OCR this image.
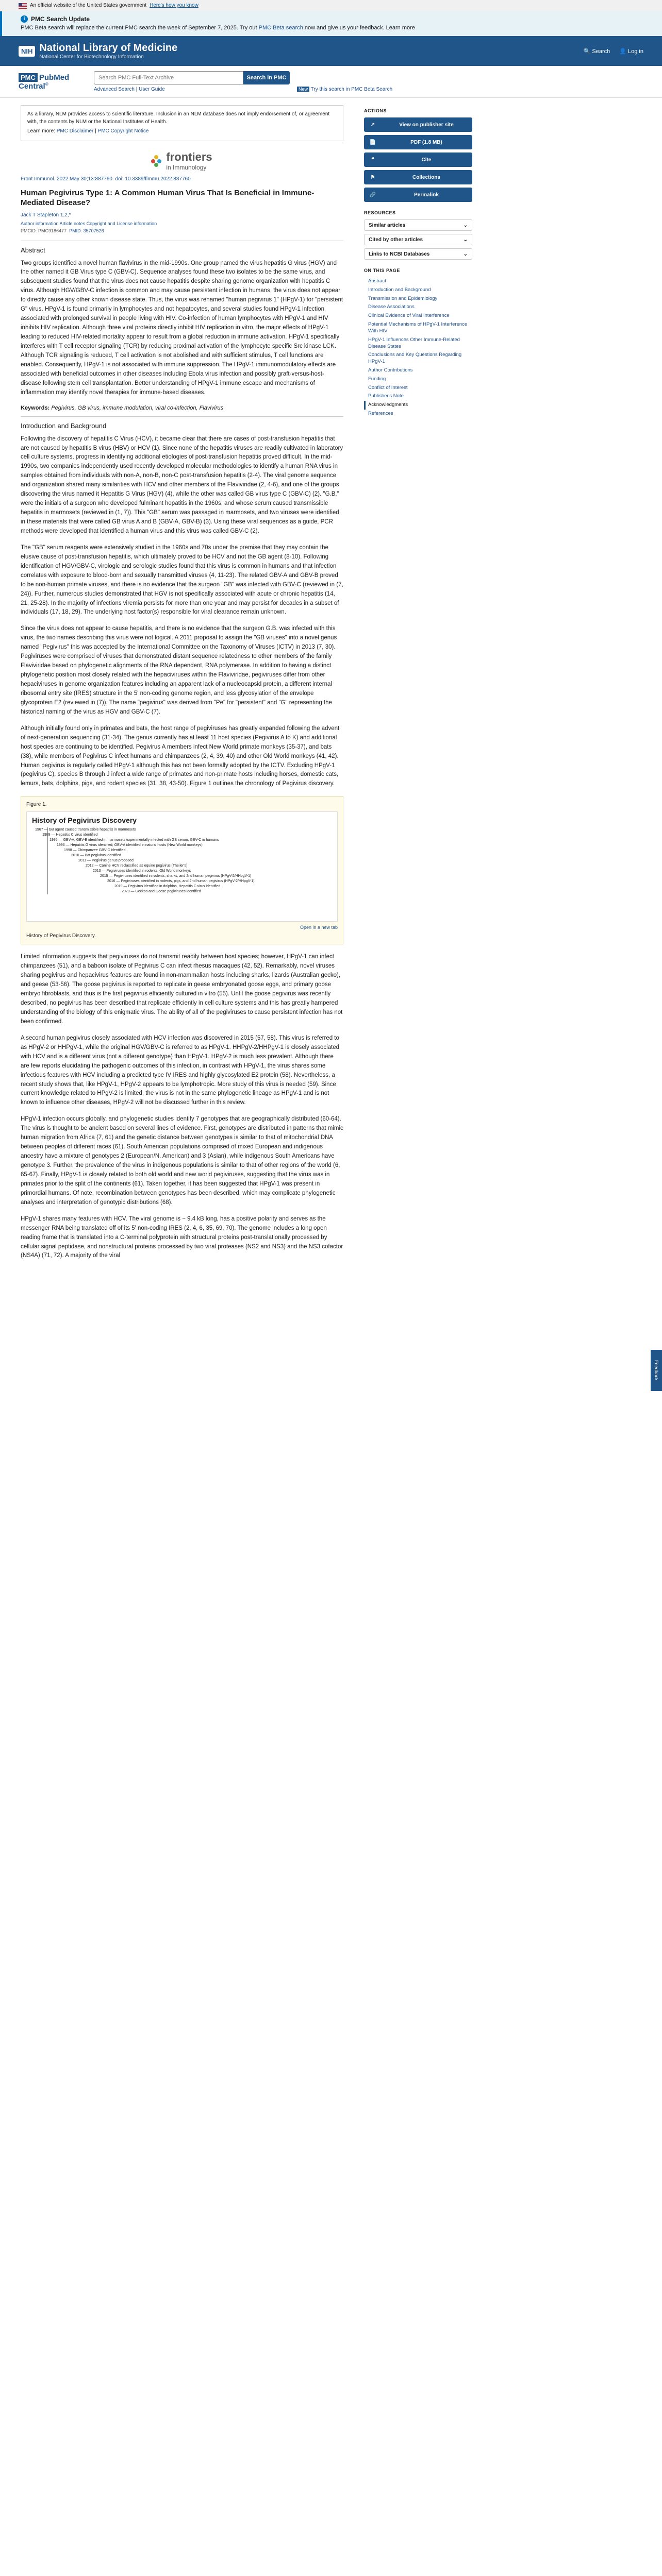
An official website of the United States government Here's how you know
i PMC Search Update
PMC Beta search will replace the current PMC search the week of September 7, 2025. Try out PMC Beta search now and give us your feedback. Learn more
NIH National Library of Medicine
National Center for Biotechnology Information
🔍 Search 👤 Log in
PMC PubMed Central®
Search PMC Full-Text Archive	Search in PMC
Advanced Search | User Guide	New Try this search in PMC Beta Search
As a library, NLM provides access to scientific literature. Inclusion in an NLM database does not imply endorsement of, or agreement with, the contents by NLM or the National Institutes of Health.
Learn more: PMC Disclaimer | PMC Copyright Notice
frontiers
in Immunology
Front Immunol. 2022 May 30;13:887760. doi: 10.3389/fimmu.2022.887760
Human Pegivirus Type 1: A Common Human Virus That Is Beneficial in Immune-Mediated Disease?
Jack T Stapleton 1,2,*
Author information Article notes Copyright and License information
PMCID: PMC9186477 PMID: 35707526
Abstract

Two groups identified a novel human flavivirus in the mid-1990s. One group named the virus hepatitis G virus (HGV) and the other named it GB Virus type C (GBV-C). Sequence analyses found these two isolates to be the same virus, and subsequent studies found that the virus does not cause hepatitis despite sharing genome organization with hepatitis C virus. Although HGV/GBV-C infection is common and may cause persistent infection in humans, the virus does not appear to directly cause any other known disease state. Thus, the virus was renamed "human pegivirus 1" (HPgV-1) for "persistent G" virus. HPgV-1 is found primarily in lymphocytes and not hepatocytes, and several studies found HPgV-1 infection associated with prolonged survival in people living with HIV. Co-infection of human lymphocytes with HPgV-1 and HIV inhibits HIV replication. Although three viral proteins directly inhibit HIV replication in vitro, the major effects of HPgV-1 leading to reduced HIV-related mortality appear to result from a global reduction in immune activation. HPgV-1 specifically interferes with T cell receptor signaling (TCR) by reducing proximal activation of the lymphocyte specific Src kinase LCK. Although TCR signaling is reduced, T cell activation is not abolished and with sufficient stimulus, T cell functions are enabled. Consequently, HPgV-1 is not associated with immune suppression. The HPgV-1 immunomodulatory effects are associated with beneficial outcomes in other diseases including Ebola virus infection and possibly graft-versus-host-disease following stem cell transplantation. Better understanding of HPgV-1 immune escape and mechanisms of inflammation may identify novel therapies for immune-based diseases.

Keywords: Pegivirus, GB virus, immune modulation, viral co-infection, Flavivirus
Introduction and Background

Following the discovery of hepatitis C Virus (HCV), it became clear that there are cases of post-transfusion hepatitis that are not caused by hepatitis B virus (HBV) or HCV (1). Since none of the hepatitis viruses are readily cultivated in laboratory cell culture systems, progress in identifying additional etiologies of post-transfusion hepatitis proved difficult. In the mid-1990s, two companies independently used recently developed molecular methodologies to identify a human RNA virus in samples obtained from individuals with non-A, non-B, non-C post-transfusion hepatitis (2-4). The viral genome sequence and organization shared many similarities with HCV and other members of the Flaviviridae (2, 4-6), and one of the groups discovering the virus named it Hepatitis G Virus (HGV) (4), while the other was called GB virus type C (GBV-C) (2). "G.B." were the initials of a surgeon who developed fulminant hepatitis in the 1960s, and whose serum caused transmissible hepatitis in marmosets (reviewed in (1, 7)). This "GB" serum was passaged in marmosets, and two viruses were identified in these materials that were called GB virus A and B (GBV-A, GBV-B) (3). Using these viral sequences as a guide, PCR methods were developed that identified a human virus and this virus was called GBV-C (2).

The "GB" serum reagents were extensively studied in the 1960s and 70s under the premise that they may contain the elusive cause of post-transfusion hepatitis, which ultimately proved to be HCV and not the GB agent (8-10). Following identification of HGV/GBV-C, virologic and serologic studies found that this virus is common in humans and that infection correlates with exposure to blood-born and sexually transmitted viruses (4, 11-23). The related GBV-A and GBV-B proved to be non-human primate viruses, and there is no evidence that the surgeon "GB" was infected with GBV-C (reviewed in (7, 24)). Further, numerous studies demonstrated that HGV is not specifically associated with acute or chronic hepatitis (14, 21, 25-28). In the majority of infections viremia persists for more than one year and may persist for decades in a subset of individuals (17, 18, 29). The underlying host factor(s) responsible for viral clearance remain unknown.

Since the virus does not appear to cause hepatitis, and there is no evidence that the surgeon G.B. was infected with this virus, the two names describing this virus were not logical. A 2011 proposal to assign the "GB viruses" into a novel genus named "Pegivirus" this was accepted by the International Committee on the Taxonomy of Viruses (ICTV) in 2013 (7, 30). Pegiviruses were comprised of viruses that demonstrated distant sequence relatedness to other members of the family Flaviviridae based on phylogenetic alignments of the RNA dependent, RNA polymerase. In addition to having a distinct phylogenetic position most closely related with the hepaciviruses within the Flaviviridae, pegiviruses differ from other hepaciviruses in genome organization features including an apparent lack of a nucleocapsid protein, a different internal ribosomal entry site (IRES) structure in the 5' non-coding genome region, and less glycosylation of the envelope glycoprotein E2 (reviewed in (7)). The name "pegivirus" was derived from "Pe" for "persistent" and "G" representing the historical naming of the virus as HGV and GBV-C (7).

Although initially found only in primates and bats, the host range of pegiviruses has greatly expanded following the advent of next-generation sequencing (31-34). The genus currently has at least 11 host species (Pegivirus A to K) and additional host species are continuing to be identified. Pegivirus A members infect New World primate monkeys (35-37), and bats (38), while members of Pegivirus C infect humans and chimpanzees (2, 4, 39, 40) and other Old World monkeys (41, 42). Human pegivirus is regularly called HPgV-1 although this has not been formally adopted by the ICTV. Excluding HPgV-1 (pegivirus C), species B through J infect a wide range of primates and non-primate hosts including horses, domestic cats, lemurs, bats, dolphins, pigs, and rodent species (31, 38, 43-50). Figure 1 outlines the chronology of Pegivirus discovery.

Figure 1.
History of Pegivirus Discovery
1967 — GB agent caused transmissible hepatitis in marmosets
1989 — Hepatitis C virus identified
1995 — GBV-A, GBV-B identified in marmosets experimentally infected with GB serum; GBV-C in humans
1996 — Hepatitis G virus identified; GBV-A identified in natural hosts (New World monkeys)
1998 — Chimpanzee GBV-C identified
2010 — Bat pegivirus identified
2011 — Pegivirus genus proposed
2012 — Canine HCV reclassified as equine pegivirus (Theiler's)
2013 — Pegiviruses identified in rodents, Old World monkeys
2015 — Pegiviruses identified in rodents, sharks, and 2nd human pegivirus (HPgV-2/HHpgV-1)
2016 — Pegiviruses identified in rodents, pigs, and 2nd human pegivirus (HPgV-2/HHpgV-1)
2019 — Pegivirus identified in dolphins, Hepatitis C virus identified
2020 — Geckos and Goose pegiviruses identified
Open in a new tab
History of Pegivirus Discovery.

Limited information suggests that pegiviruses do not transmit readily between host species; however, HPgV-1 can infect chimpanzees (51), and a baboon isolate of Pegivirus C can infect rhesus macaques (42, 52). Remarkably, novel viruses sharing pegivirus and hepacivirus features are found in non-mammalian hosts including sharks, lizards (Australian gecko), and geese (53-56). The goose pegivirus is reported to replicate in geese embryonated goose eggs, and primary goose embryo fibroblasts, and thus is the first pegivirus efficiently cultured in vitro (55). Until the goose pegivirus was recently described, no pegivirus has been described that replicate efficiently in cell culture systems and this has greatly hampered understanding of the biology of this enigmatic virus. The ability of all of the pegiviruses to cause persistent infection has not been confirmed.

A second human pegivirus closely associated with HCV infection was discovered in 2015 (57, 58). This virus is referred to as HPgV-2 or HHPgV-1, while the original HGV/GBV-C is referred to as HPgV-1. HHPgV-2/HHPgV-1 is closely associated with HCV and is a different virus (not a different genotype) than HPgV-1. HPgV-2 is much less prevalent. Although there are few reports elucidating the pathogenic outcomes of this infection, in contrast with HPgV-1, the virus shares some infectious features with HCV including a predicted type IV IRES and highly glycosylated E2 protein (58). Nevertheless, a recent study shows that, like HPgV-1, HPgV-2 appears to be lymphotropic. More study of this virus is needed (59). Since current knowledge related to HPgV-2 is limited, the virus is not in the same phylogenetic lineage as HPgV-1 and is not known to influence other diseases, HPgV-2 will not be discussed further in this review.

HPgV-1 infection occurs globally, and phylogenetic studies identify 7 genotypes that are geographically distributed (60-64). The virus is thought to be ancient based on several lines of evidence. First, genotypes are distributed in patterns that mimic human migration from Africa (7, 61) and the genetic distance between genotypes is similar to that of mitochondrial DNA between peoples of different races (61). South American populations comprised of mixed European and indigenous ancestry have a mixture of genotypes 2 (European/N. American) and 3 (Asian), while indigenous South Americans have genotype 3. Further, the prevalence of the virus in indigenous populations is similar to that of other regions of the world (6, 65-67). Finally, HPgV-1 is closely related to both old world and new world pegiviruses, suggesting that the virus was in primates prior to the split of the continents (61). Taken together, it has been suggested that HPgV-1 was present in primordial humans. Of note, recombination between genotypes has been described, which may complicate phylogenetic analyses and interpretation of genotypic distributions (68).

HPgV-1 shares many features with HCV. The viral genome is ~ 9.4 kB long, has a positive polarity and serves as the messenger RNA being translated off of its 5' non-coding IRES (2, 4, 6, 35, 69, 70). The genome includes a long open reading frame that is translated into a C-terminal polyprotein with structural proteins post-translationally processed by cellular signal peptidase, and nonstructural proteins processed by two viral proteases (NS2 and NS3) and the NS3 cofactor (NS4A) (71, 72). A majority of the viral

ACTIONS
↗	View on publisher site
📄	PDF (1.8 MB)
❝	Cite
⚑	Collections
🔗	Permalink
RESOURCES
Similar articles	⌄
Cited by other articles	⌄
Links to NCBI Databases	⌄
ON THIS PAGE
Abstract
Introduction and Background
Transmission and Epidemiology
Disease Associations
Clinical Evidence of Viral Interference
Potential Mechanisms of HPgV-1 Interference With HIV
HPgV-1 Influences Other Immune-Related Disease States
Conclusions and Key Questions Regarding HPgV-1
Author Contributions
Funding
Conflict of Interest
Publisher's Note
Acknowledgments
References
Feedback
